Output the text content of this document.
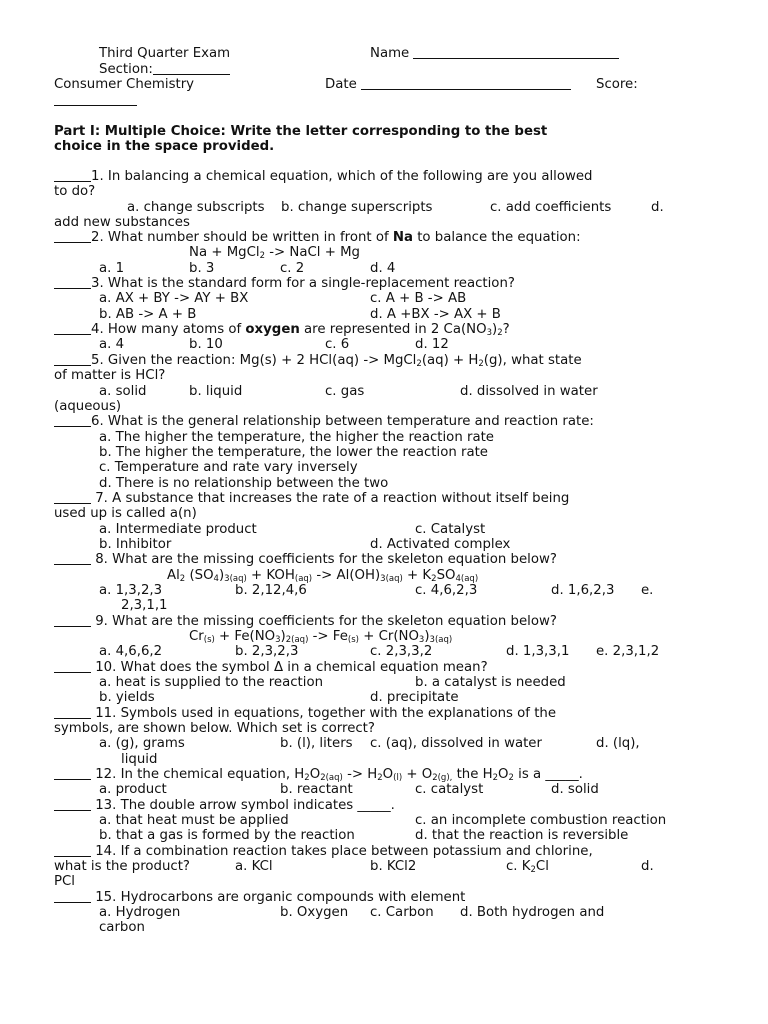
Third Quarter Exam	Name
Section:
Consumer Chemistry	Date	Score:
Part I: Multiple Choice: Write the letter corresponding to the best
choice in the space provided.
1. In balancing a chemical equation, which of the following are you allowed
to do?
a. change subscripts b. change superscripts	c. add coefficients	d.
add new substances
2. What number should be written in front of Na to balance the equation:
Na + MgCl$_2$ -> NaCl + Mg
a. 1	b. 3	c. 2	d. 4
3. What is the standard form for a single-replacement reaction?
a. AX + BY -> AY + BX	c. A + B -> AB
b. AB -> A + B	d. A +BX -> AX + B
4. How many atoms of oxygen are represented in 2 $Ca(NO_3)_2$?
a. 4	b. 10	c. 6	d. 12
5. Given the reaction: Mg(s) + 2 HCl(aq) -> MgCl$_2$(aq) + $H_2(g)$, what state
of matter is HCl?
a. solid	b. liquid	c. gas	d. dissolved in water
(aqueous)
6. What is the general relationship between temperature and reaction rate:
a. The higher the temperature, the higher the reaction rate
b. The higher the temperature, the lower the reaction rate
c. Temperature and rate vary inversely
d. There is no relationship between the two
7. A substance that increases the rate of a reaction without itself being
used up is called a(n)
a. Intermediate product	c. Catalyst
b. Inhibitor	d. Activated complex
8. What are the missing coefficients for the skeleton equation below?
$Al_2$ $(SO_4)_{3(aq)} + KOH_{(aq)} -> Al(OH)_{3(aq)} + K_2SO_{4(aq)}$
a. 1,3,2,3	b. 2,12,4,6	c. 4,6,2,3	d. 1,6,2,3 e.
2,3,1,1
9. What are the missing coefficients for the skeleton equation below?
$Cr_{(s)} + Fe(NO_3)_{2(aq)} -> Fe_{(s)} + Cr(NO_3)_{3(aq)}$
a. 4,6,6,2	b. 2,3,2,3	c. 2,3,3,2	d. 1,3,3,1 e. 2,3,1,2
10. What does the symbol Δ in a chemical equation mean?
a. heat is supplied to the reaction	b. a catalyst is needed
b. yields	d. precipitate
11. Symbols used in equations, together with the explanations of the
symbols, are shown below. Which set is correct?
a. (g), grams	b. (l), liters c. (aq), dissolved in water	d. (lq),
liquid
12. In the chemical equation, $H_2O_{2(aq)} -> H_2O_{(l)} + O_{2(g),}$ the $H_2O_2$ is a _____.
a. product	b. reactant	c. catalyst	d. solid
13. The double arrow symbol indicates _____.
a. that heat must be applied	c. an incomplete combustion reaction
b. that a gas is formed by the reaction	d. that the reaction is reversible
14. If a combination reaction takes place between potassium and chlorine,
what is the product?	a. KCl	b. KCl2	c. $K_2Cl$	d.
PCl
15. Hydrocarbons are organic compounds with element
a. Hydrogen	b. Oxygen c. Carbon d. Both hydrogen and
carbon
